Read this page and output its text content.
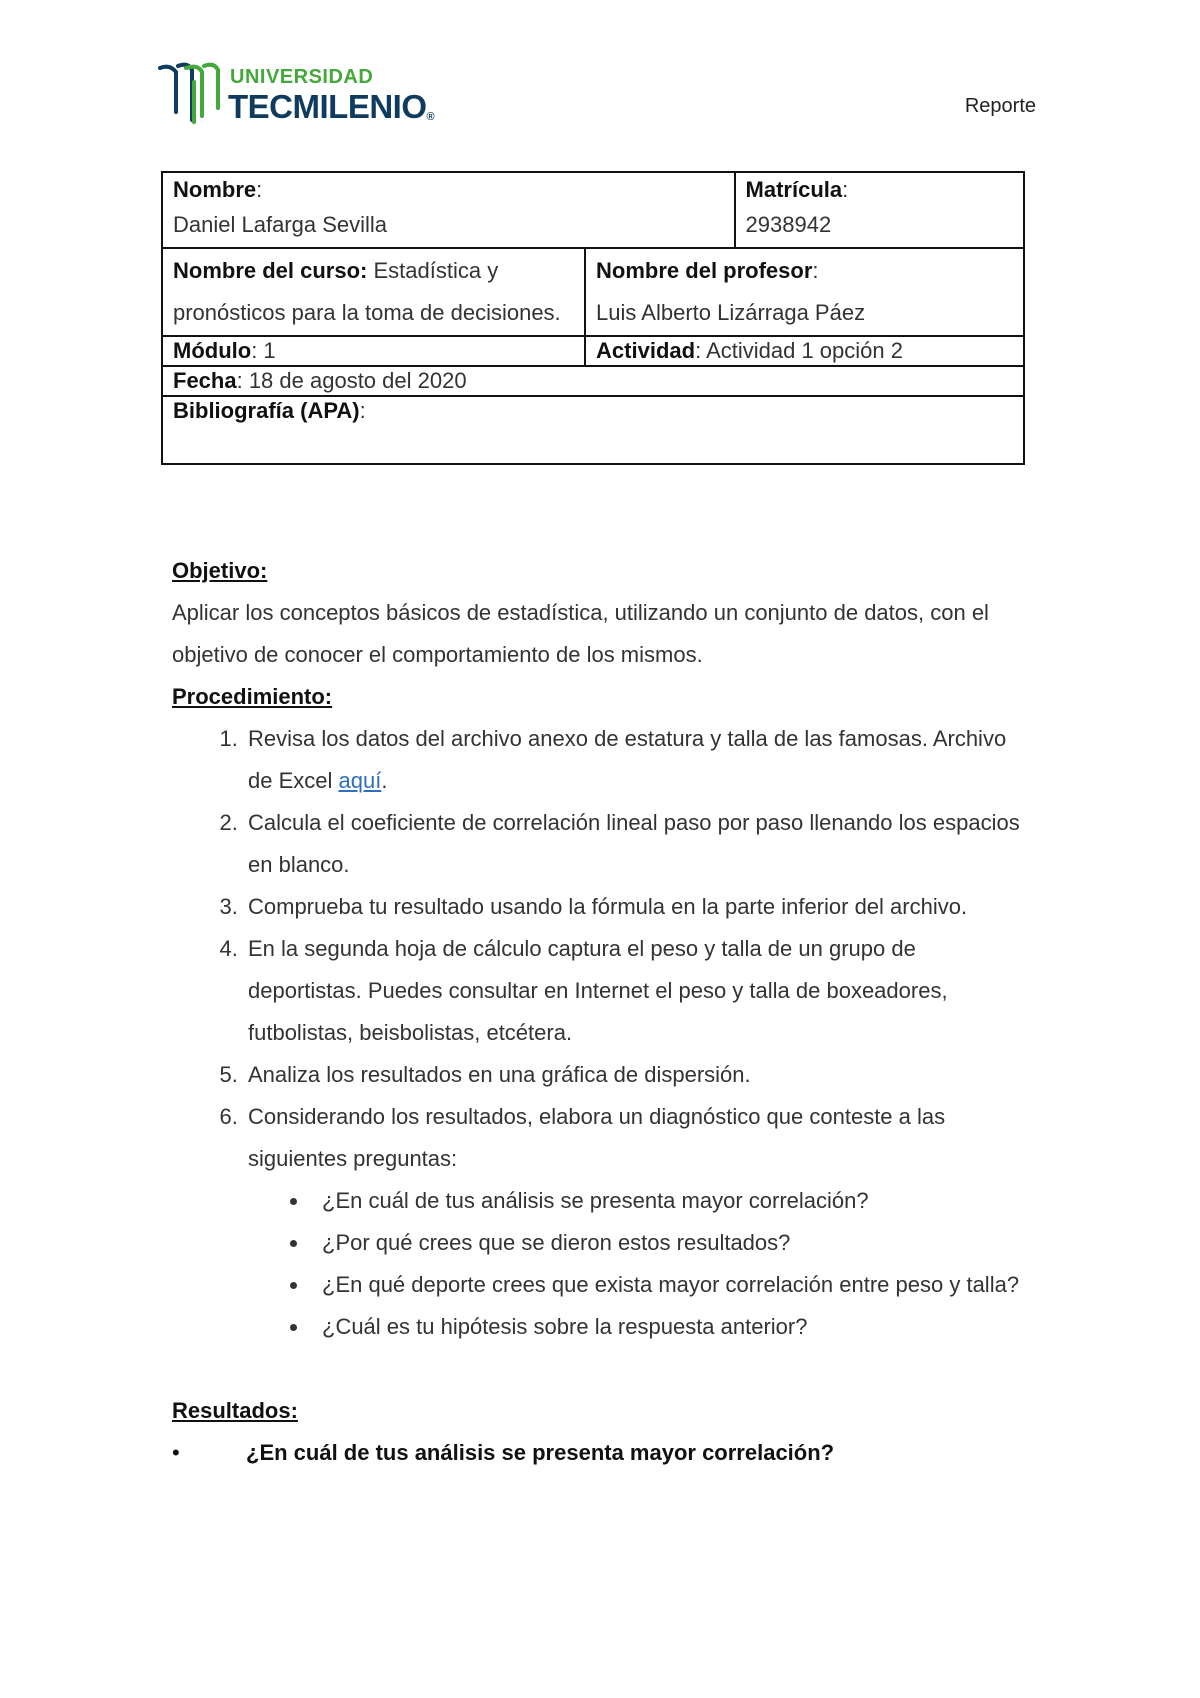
UNIVERSIDAD
TECMILENIO®	Reporte
Nombre:
Daniel Lafarga Sevilla		Matrícula:
2938942
Nombre del curso: Estadística y pronósticos para la toma de decisiones.	Nombre del profesor:
Luis Alberto Lizárraga Páez	
Módulo: 1	Actividad: Actividad 1 opción 2	
Fecha: 18 de agosto del 2020		
Bibliografía (APA):		
Objetivo:
Aplicar los conceptos básicos de estadística, utilizando un conjunto de datos, con el objetivo de conocer el comportamiento de los mismos.
Procedimiento:
1. Revisa los datos del archivo anexo de estatura y talla de las famosas. Archivo de Excel aquí.
2. Calcula el coeficiente de correlación lineal paso por paso llenando los espacios en blanco.
3. Comprueba tu resultado usando la fórmula en la parte inferior del archivo.
4. En la segunda hoja de cálculo captura el peso y talla de un grupo de deportistas. Puedes consultar en Internet el peso y talla de boxeadores, futbolistas, beisbolistas, etcétera.
5. Analiza los resultados en una gráfica de dispersión.
6. Considerando los resultados, elabora un diagnóstico que conteste a las siguientes preguntas:
• ¿En cuál de tus análisis se presenta mayor correlación?
• ¿Por qué crees que se dieron estos resultados?
• ¿En qué deporte crees que exista mayor correlación entre peso y talla?
• ¿Cuál es tu hipótesis sobre la respuesta anterior?
Resultados:
•	¿En cuál de tus análisis se presenta mayor correlación?
